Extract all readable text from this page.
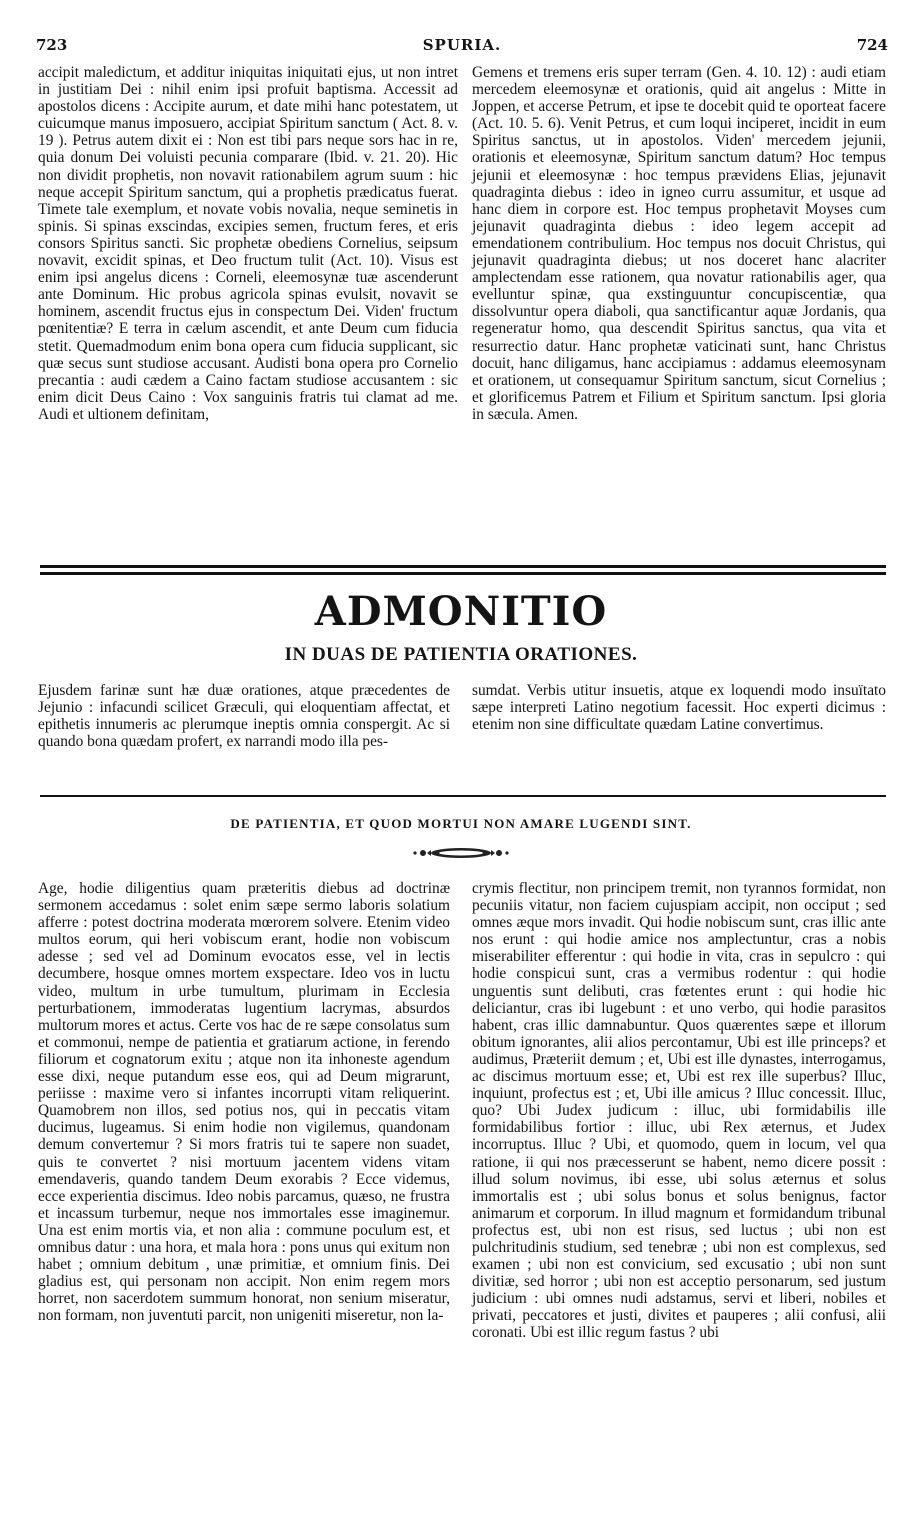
723	SPURIA.	724

accipit maledictum, et additur iniquitas iniquitati ejus, ut non intret in justitiam Dei : nihil enim ipsi profuit baptisma. Accessit ad apostolos dicens : Accipite aurum, et date mihi hanc potestatem, ut cuicumque manus imposuero, accipiat Spiritum sanctum ( Act. 8. v. 19 ). Petrus autem dixit ei : Non est tibi pars neque sors hac in re, quia donum Dei voluisti pecunia comparare (Ibid. v. 21. 20). Hic non dividit prophetis, non novavit rationabilem agrum suum : hic neque accepit Spiritum sanctum, qui a prophetis prædicatus fuerat. Timete tale exemplum, et novate vobis novalia, neque seminetis in spinis. Si spinas exscindas, excipies semen, fructum feres, et eris consors Spiritus sancti. Sic prophetæ obediens Cornelius, seipsum novavit, excidit spinas, et Deo fructum tulit (Act. 10). Visus est enim ipsi angelus dicens : Corneli, eleemosynæ tuæ ascenderunt ante Dominum. Hic probus agricola spinas evulsit, novavit se hominem, ascendit fructus ejus in conspectum Dei. Viden' fructum pœnitentiæ? E terra in cælum ascendit, et ante Deum cum fiducia stetit. Quemadmodum enim bona opera cum fiducia supplicant, sic quæ secus sunt studiose accusant. Audisti bona opera pro Cornelio precantia : audi cædem a Caino factam studiose accusantem : sic enim dicit Deus Caino : Vox sanguinis fratris tui clamat ad me. Audi et ultionem definitam,

Gemens et tremens eris super terram (Gen. 4. 10. 12) : audi etiam mercedem eleemosynæ et orationis, quid ait angelus : Mitte in Joppen, et accerse Petrum, et ipse te docebit quid te oporteat facere (Act. 10. 5. 6). Venit Petrus, et cum loqui inciperet, incidit in eum Spiritus sanctus, ut in apostolos. Viden' mercedem jejunii, orationis et eleemosynæ, Spiritum sanctum datum? Hoc tempus jejunii et eleemosynæ : hoc tempus prævidens Elias, jejunavit quadraginta diebus : ideo in igneo curru assumitur, et usque ad hanc diem in corpore est. Hoc tempus prophetavit Moyses cum jejunavit quadraginta diebus : ideo legem accepit ad emendationem contribulium. Hoc tempus nos docuit Christus, qui jejunavit quadraginta diebus; ut nos doceret hanc alacriter amplectendam esse rationem, qua novatur rationabilis ager, qua evelluntur spinæ, qua exstinguuntur concupiscentiæ, qua dissolvuntur opera diaboli, qua sanctificantur aquæ Jordanis, qua regeneratur homo, qua descendit Spiritus sanctus, qua vita et resurrectio datur. Hanc prophetæ vaticinati sunt, hanc Christus docuit, hanc diligamus, hanc accipiamus : addamus eleemosynam et orationem, ut consequamur Spiritum sanctum, sicut Cornelius ; et glorificemus Patrem et Filium et Spiritum sanctum. Ipsi gloria in sæcula. Amen.

ADMONITIO
IN DUAS DE PATIENTIA ORATIONES.

Ejusdem farinæ sunt hæ duæ orationes, atque præcedentes de Jejunio : infacundi scilicet Græculi, qui eloquentiam affectat, et epithetis innumeris ac plerumque ineptis omnia conspergit. Ac si quando bona quædam profert, ex narrandi modo illa pes-

sumdat. Verbis utitur insuetis, atque ex loquendi modo insuïtato sæpe interpreti Latino negotium facessit. Hoc experti dicimus : etenim non sine difficultate quædam Latine convertimus.

DE PATIENTIA, ET QUOD MORTUI NON AMARE LUGENDI SINT.

Age, hodie diligentius quam præteritis diebus ad doctrinæ sermonem accedamus : solet enim sæpe sermo laboris solatium afferre : potest doctrina moderata mœrorem solvere. Etenim video multos eorum, qui heri vobiscum erant, hodie non vobiscum adesse ; sed vel ad Dominum evocatos esse, vel in lectis decumbere, hosque omnes mortem exspectare. Ideo vos in luctu video, multum in urbe tumultum, plurimam in Ecclesia perturbationem, immoderatas lugentium lacrymas, absurdos multorum mores et actus. Certe vos hac de re sæpe consolatus sum et commonui, nempe de patientia et gratiarum actione, in ferendo filiorum et cognatorum exitu ; atque non ita inhoneste agendum esse dixi, neque putandum esse eos, qui ad Deum migrarunt, periisse : maxime vero si infantes incorrupti vitam reliquerint. Quamobrem non illos, sed potius nos, qui in peccatis vitam ducimus, lugeamus. Si enim hodie non vigilemus, quandonam demum convertemur ? Si mors fratris tui te sapere non suadet, quis te convertet ? nisi mortuum jacentem videns vitam emendaveris, quando tandem Deum exorabis ? Ecce videmus, ecce experientia discimus. Ideo nobis parcamus, quæso, ne frustra et incassum turbemur, neque nos immortales esse imaginemur. Una est enim mortis via, et non alia : commune poculum est, et omnibus datur : una hora, et mala hora : pons unus qui exitum non habet ; omnium debitum , unæ primitiæ, et omnium finis. Dei gladius est, qui personam non accipit. Non enim regem mors horret, non sacerdotem summum honorat, non senium miseratur, non formam, non juventuti parcit, non unigeniti miseretur, non la-

crymis flectitur, non principem tremit, non tyrannos formidat, non pecuniis vitatur, non faciem cujuspiam accipit, non occiput ; sed omnes æque mors invadit. Qui hodie nobiscum sunt, cras illic ante nos erunt : qui hodie amice nos amplectuntur, cras a nobis miserabiliter efferentur : qui hodie in vita, cras in sepulcro : qui hodie conspicui sunt, cras a vermibus rodentur : qui hodie unguentis sunt delibuti, cras fœtentes erunt : qui hodie hic deliciantur, cras ibi lugebunt : et uno verbo, qui hodie parasitos habent, cras illic damnabuntur. Quos quærentes sæpe et illorum obitum ignorantes, alii alios percontamur, Ubi est ille princeps? et audimus, Præteriit demum ; et, Ubi est ille dynastes, interrogamus, ac discimus mortuum esse; et, Ubi est rex ille superbus? Illuc, inquiunt, profectus est ; et, Ubi ille amicus ? Illuc concessit. Illuc, quo? Ubi Judex judicum : illuc, ubi formidabilis ille formidabilibus fortior : illuc, ubi Rex æternus, et Judex incorruptus. Illuc ? Ubi, et quomodo, quem in locum, vel qua ratione, ii qui nos præcesserunt se habent, nemo dicere possit : illud solum novimus, ibi esse, ubi solus æternus et solus immortalis est ; ubi solus bonus et solus benignus, factor animarum et corporum. In illud magnum et formidandum tribunal profectus est, ubi non est risus, sed luctus ; ubi non est pulchritudinis studium, sed tenebræ ; ubi non est complexus, sed examen ; ubi non est convicium, sed excusatio ; ubi non sunt divitiæ, sed horror ; ubi non est acceptio personarum, sed justum judicium : ubi omnes nudi adstamus, servi et liberi, nobiles et privati, peccatores et justi, divites et pauperes ; alii confusi, alii coronati. Ubi est illic regum fastus ? ubi
